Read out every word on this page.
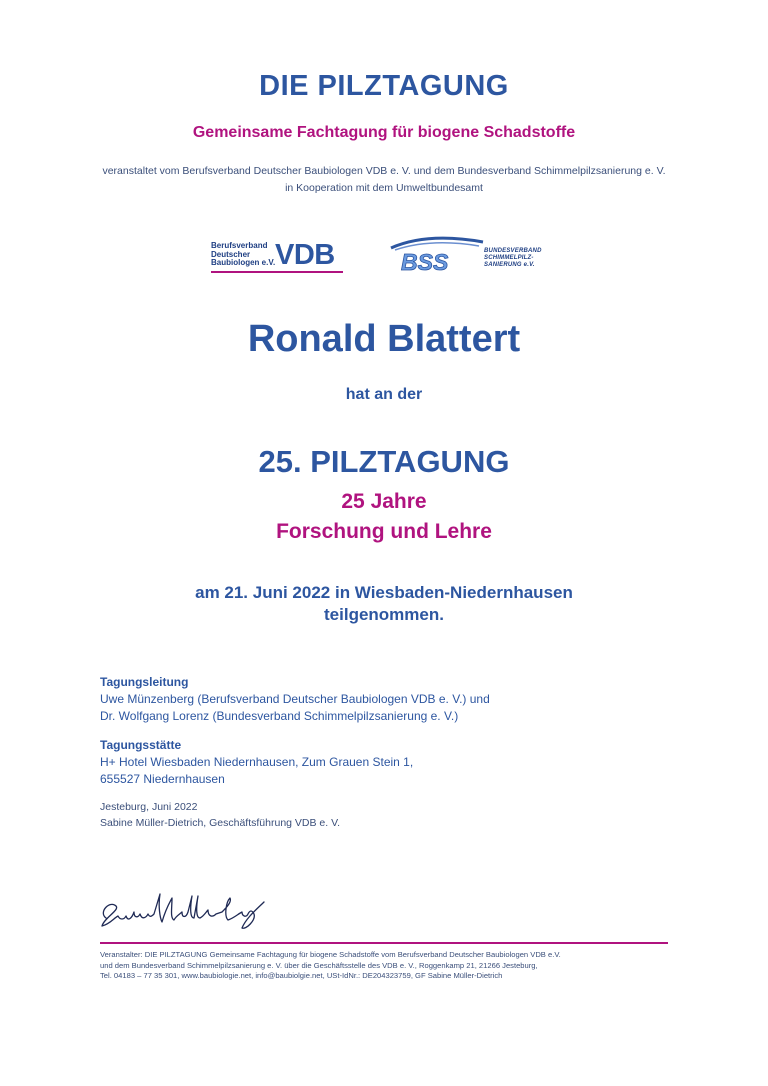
DIE PILZTAGUNG
Gemeinsame Fachtagung für biogene Schadstoffe
veranstaltet vom Berufsverband Deutscher Baubiologen VDB e. V. und dem Bundesverband Schimmelpilzsanierung e. V.
in Kooperation mit dem Umweltbundesamt
Berufsverband
Deutscher
Baubiologen e.V. VDB	BSS	BUNDESVERBAND
SCHIMMELPILZ-
SANIERUNG e.V.
Ronald Blattert
hat an der
25. PILZTAGUNG
25 Jahre
Forschung und Lehre
am 21. Juni 2022 in Wiesbaden-Niedernhausen
teilgenommen.
Tagungsleitung
Uwe Münzenberg (Berufsverband Deutscher Baubiologen VDB e. V.) und
Dr. Wolfgang Lorenz (Bundesverband Schimmelpilzsanierung e. V.)
Tagungsstätte
H+ Hotel Wiesbaden Niedernhausen, Zum Grauen Stein 1,
655527 Niedernhausen
Jesteburg, Juni 2022
Sabine Müller-Dietrich, Geschäftsführung VDB e. V.
Veranstalter: DIE PILZTAGUNG Gemeinsame Fachtagung für biogene Schadstoffe vom Berufsverband Deutscher Baubiologen VDB e.V.
und dem Bundesverband Schimmelpilzsanierung e. V. über die Geschäftsstelle des VDB e. V., Roggenkamp 21, 21266 Jesteburg,
Tel. 04183 – 77 35 301, www.baubiologie.net, info@baubiolgie.net, USt-IdNr.: DE204323759, GF Sabine Müller-Dietrich
